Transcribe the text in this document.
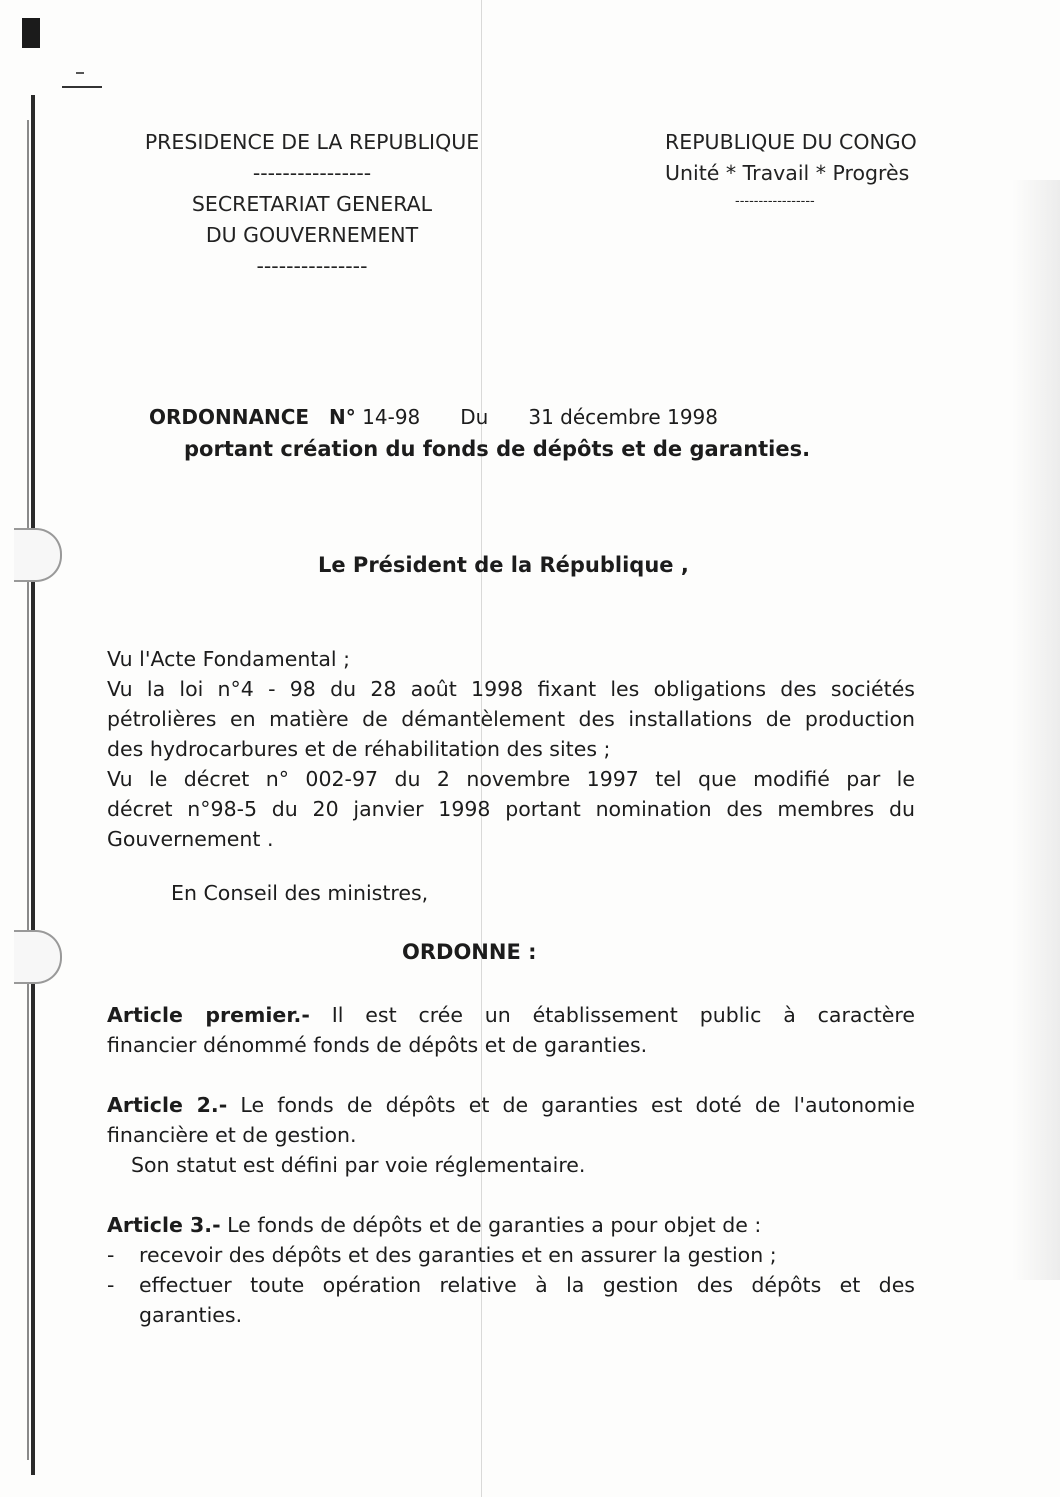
PRESIDENCE DE LA REPUBLIQUE
----------------
SECRETARIAT GENERAL
DU GOUVERNEMENT
---------------
REPUBLIQUE DU CONGO
Unité * Travail * Progrès
-----------------
ORDONNANCE N° 14-98 Du 31 décembre 1998
portant création du fonds de dépôts et de garanties.
Le Président de la République ,
Vu l'Acte Fondamental ;
Vu la loi n°4 - 98 du 28 août 1998 fixant les obligations des sociétés
pétrolières en matière de démantèlement des installations de production
des hydrocarbures et de réhabilitation des sites ;
Vu le décret n° 002-97 du 2 novembre 1997 tel que modifié par le
décret n°98-5 du 20 janvier 1998 portant nomination des membres du
Gouvernement .
En Conseil des ministres,
ORDONNE :
Article premier.- Il est crée un établissement public à caractère
financier dénommé fonds de dépôts et de garanties.
Article 2.- Le fonds de dépôts et de garanties est doté de l'autonomie
financière et de gestion.
Son statut est défini par voie réglementaire.
Article 3.- Le fonds de dépôts et de garanties a pour objet de :
-	recevoir des dépôts et des garanties et en assurer la gestion ;
-	effectuer toute opération relative à la gestion des dépôts et des
garanties.
